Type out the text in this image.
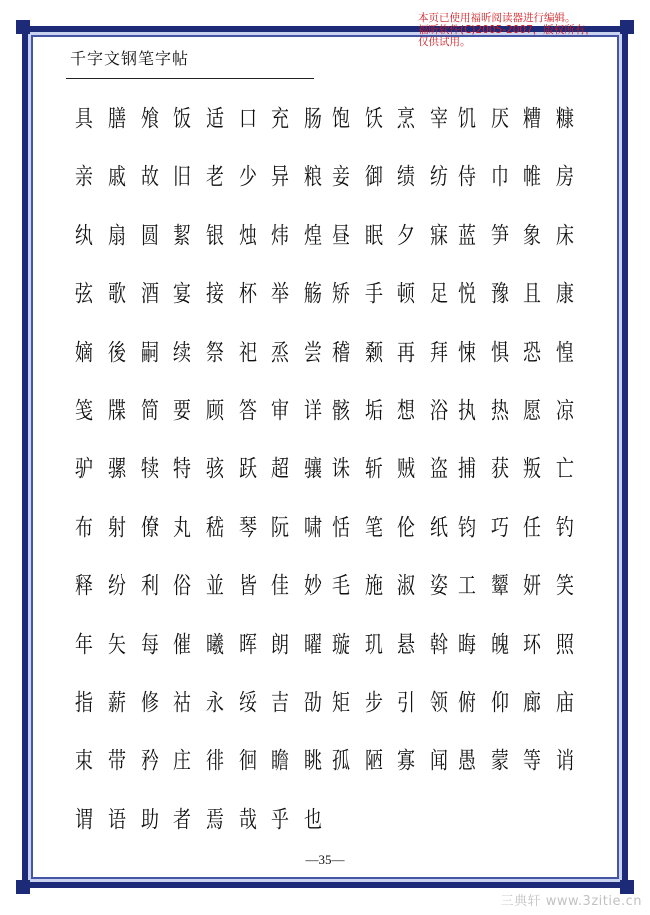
本页已使用福昕阅读器进行编辑。
福昕软件(C)2005-2007，版权所有，
仅供试用。
千字文钢笔字帖
具 膳 飧 饭 适 口 充 肠 饱 饫 烹 宰 饥 厌 糟 糠
亲 戚 故 旧 老 少 异 粮 妾 御 绩 纺 侍 巾 帷 房
纨 扇 圆 絜 银 烛 炜 煌 昼 眠 夕 寐 蓝 笋 象 床
弦 歌 酒 宴 接 杯 举 觞 矫 手 顿 足 悦 豫 且 康
嫡 後 嗣 续 祭 祀 烝 尝 稽 颡 再 拜 悚 惧 恐 惶
笺 牒 简 要 顾 答 审 详 骸 垢 想 浴 执 热 愿 凉
驴 骡 犊 特 骇 跃 超 骧 诛 斩 贼 盗 捕 获 叛 亡
布 射 僚 丸 嵇 琴 阮 啸 恬 笔 伦 纸 钧 巧 任 钓
释 纷 利 俗 並 皆 佳 妙 毛 施 淑 姿 工 颦 妍 笑
年 矢 每 催 曦 晖 朗 曜 璇 玑 悬 斡 晦 魄 环 照
指 薪 修 祜 永 绥 吉 劭 矩 步 引 领 俯 仰 廊 庙
束 带 矜 庄 徘 徊 瞻 眺 孤 陋 寡 闻 愚 蒙 等 诮
谓 语 助 者 焉 哉 乎 也
—35—
三典轩 www.3zitie.cn
